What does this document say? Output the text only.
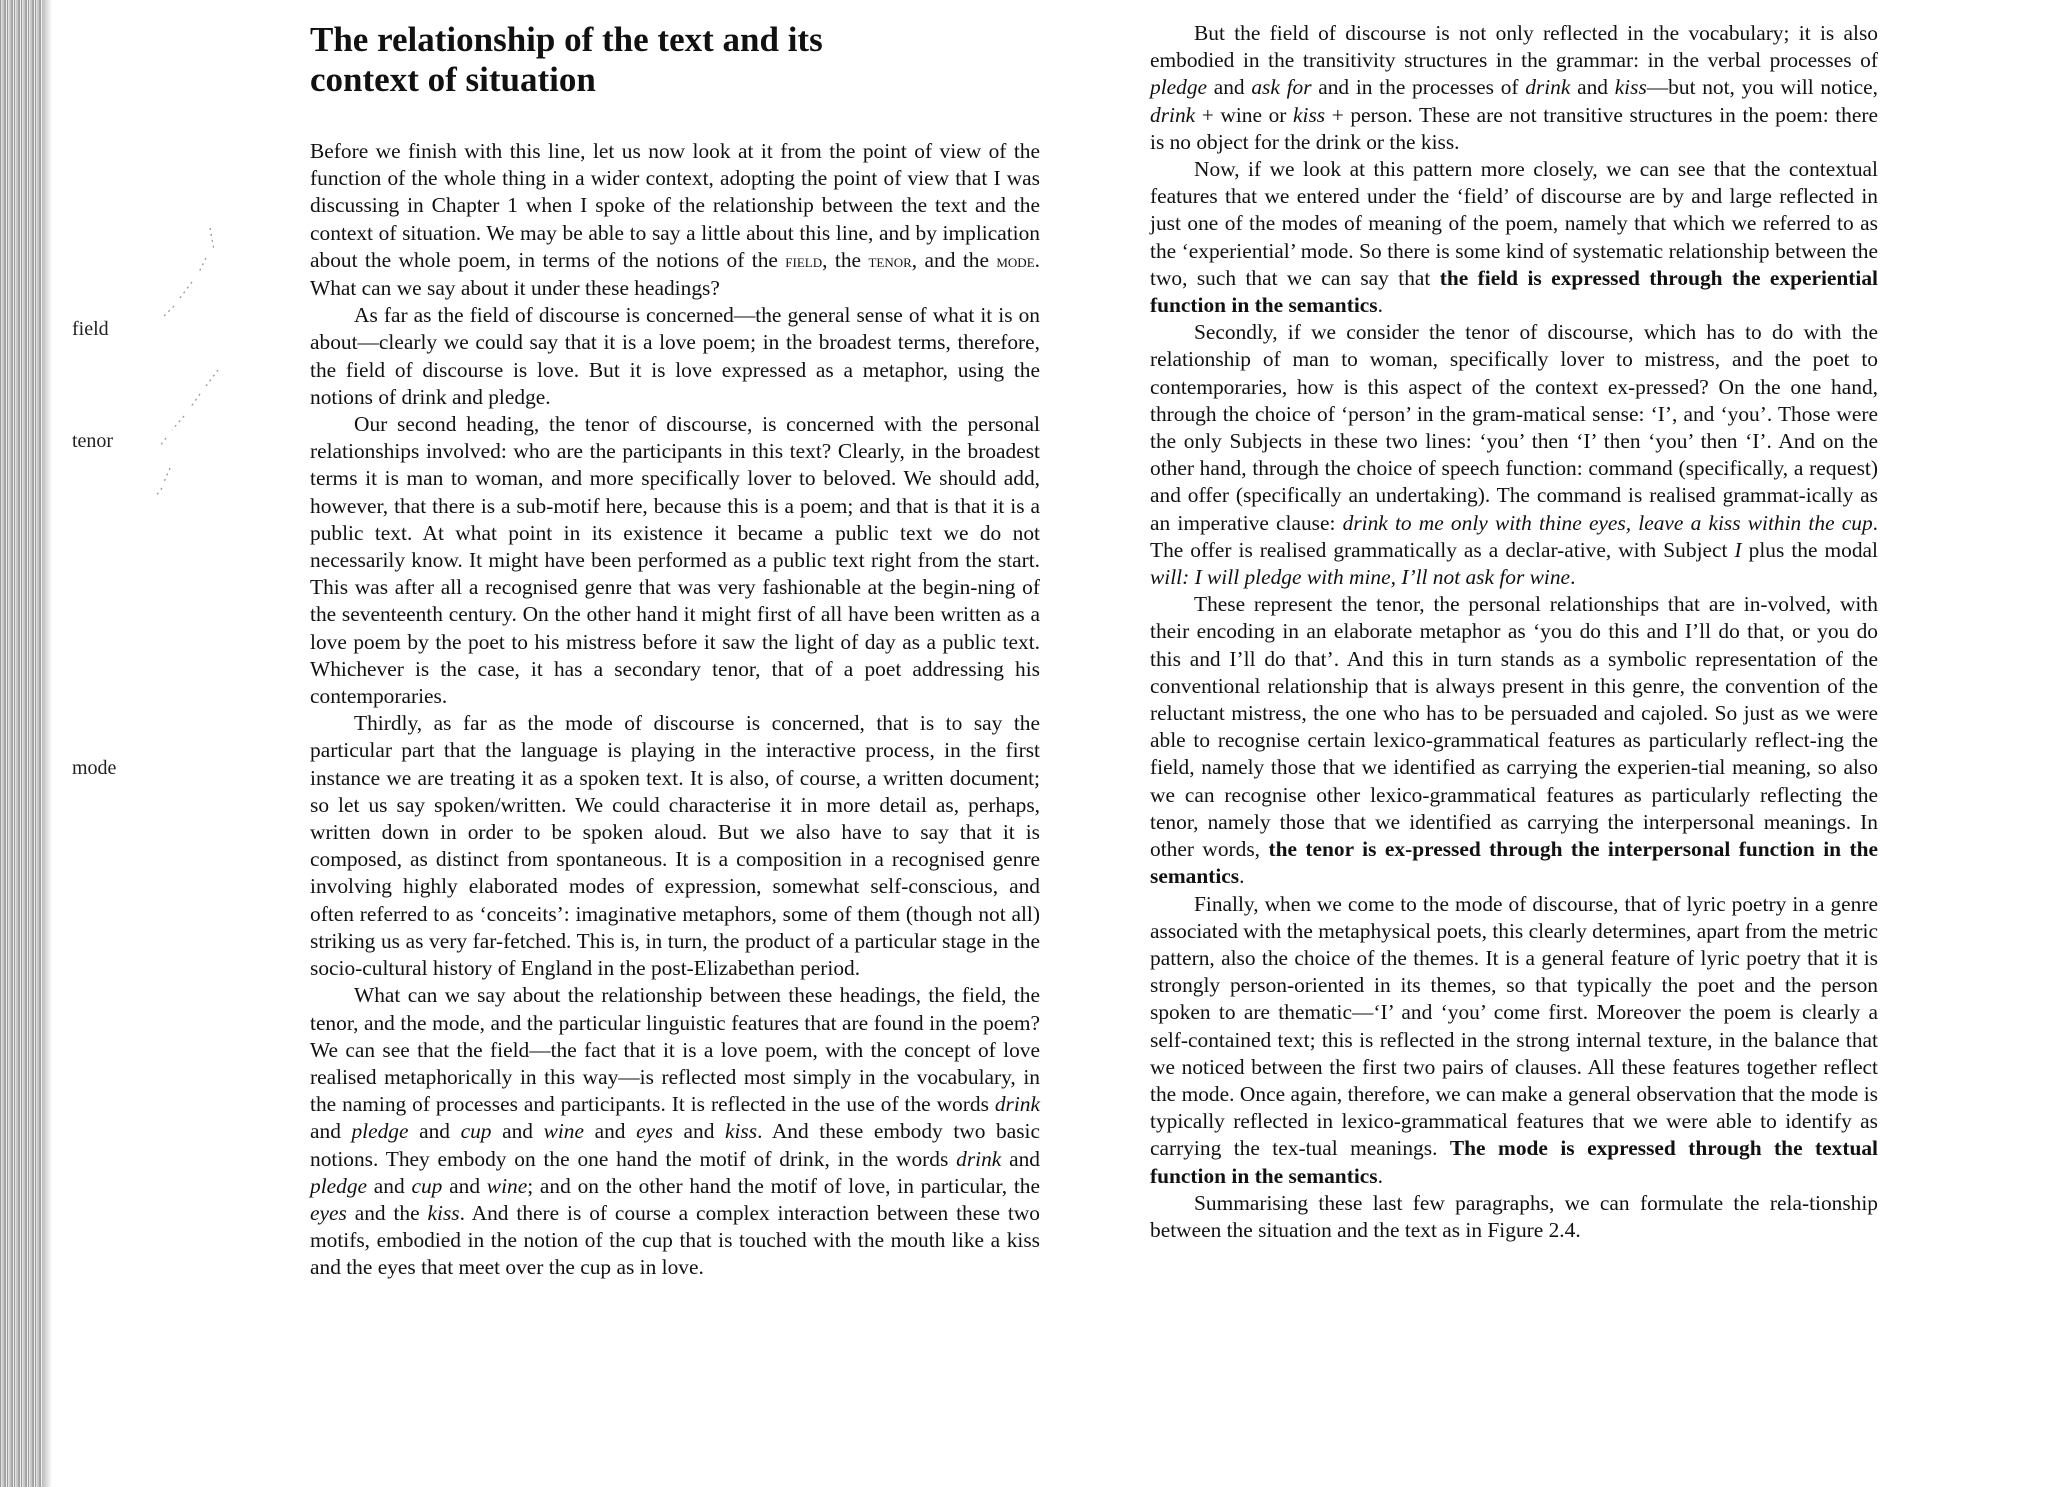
field
tenor
mode
The relationship of the text and its
context of situation

Before we finish with this line, let us now look at it from the point of view of the function of the whole thing in a wider context, adopting the point of view that I was discussing in Chapter 1 when I spoke of the relationship between the text and the context of situation. We may be able to say a little about this line, and by implication about the whole poem, in terms of the notions of the field, the tenor, and the mode. What can we say about it under these headings?

As far as the field of discourse is concerned—the general sense of what it is on about—clearly we could say that it is a love poem; in the broadest terms, therefore, the field of discourse is love. But it is love expressed as a metaphor, using the notions of drink and pledge.

Our second heading, the tenor of discourse, is concerned with the personal relationships involved: who are the participants in this text? Clearly, in the broadest terms it is man to woman, and more specifically lover to beloved. We should add, however, that there is a sub-motif here, because this is a poem; and that is that it is a public text. At what point in its existence it became a public text we do not necessarily know. It might have been performed as a public text right from the start. This was after all a recognised genre that was very fashionable at the begin-ning of the seventeenth century. On the other hand it might first of all have been written as a love poem by the poet to his mistress before it saw the light of day as a public text. Whichever is the case, it has a secondary tenor, that of a poet addressing his contemporaries.

Thirdly, as far as the mode of discourse is concerned, that is to say the particular part that the language is playing in the interactive process, in the first instance we are treating it as a spoken text. It is also, of course, a written document; so let us say spoken/written. We could characterise it in more detail as, perhaps, written down in order to be spoken aloud. But we also have to say that it is composed, as distinct from spontaneous. It is a composition in a recognised genre involving highly elaborated modes of expression, somewhat self-conscious, and often referred to as ‘conceits’: imaginative metaphors, some of them (though not all) striking us as very far-fetched. This is, in turn, the product of a particular stage in the socio-cultural history of England in the post-Elizabethan period.

What can we say about the relationship between these headings, the field, the tenor, and the mode, and the particular linguistic features that are found in the poem? We can see that the field—the fact that it is a love poem, with the concept of love realised metaphorically in this way—is reflected most simply in the vocabulary, in the naming of processes and participants. It is reflected in the use of the words drink and pledge and cup and wine and eyes and kiss. And these embody two basic notions. They embody on the one hand the motif of drink, in the words drink and pledge and cup and wine; and on the other hand the motif of love, in particular, the eyes and the kiss. And there is of course a complex interaction between these two motifs, embodied in the notion of the cup that is touched with the mouth like a kiss and the eyes that meet over the cup as in love.

But the field of discourse is not only reflected in the vocabulary; it is also embodied in the transitivity structures in the grammar: in the verbal processes of pledge and ask for and in the processes of drink and kiss—but not, you will notice, drink + wine or kiss + person. These are not transitive structures in the poem: there is no object for the drink or the kiss.

Now, if we look at this pattern more closely, we can see that the contextual features that we entered under the ‘field’ of discourse are by and large reflected in just one of the modes of meaning of the poem, namely that which we referred to as the ‘experiential’ mode. So there is some kind of systematic relationship between the two, such that we can say that the field is expressed through the experiential function in the semantics.

Secondly, if we consider the tenor of discourse, which has to do with the relationship of man to woman, specifically lover to mistress, and the poet to contemporaries, how is this aspect of the context ex-pressed? On the one hand, through the choice of ‘person’ in the gram-matical sense: ‘I’, and ‘you’. Those were the only Subjects in these two lines: ‘you’ then ‘I’ then ‘you’ then ‘I’. And on the other hand, through the choice of speech function: command (specifically, a request) and offer (specifically an undertaking). The command is realised grammat-ically as an imperative clause: drink to me only with thine eyes, leave a kiss within the cup. The offer is realised grammatically as a declar-ative, with Subject I plus the modal will: I will pledge with mine, I’ll not ask for wine.

These represent the tenor, the personal relationships that are in-volved, with their encoding in an elaborate metaphor as ‘you do this and I’ll do that, or you do this and I’ll do that’. And this in turn stands as a symbolic representation of the conventional relationship that is always present in this genre, the convention of the reluctant mistress, the one who has to be persuaded and cajoled. So just as we were able to recognise certain lexico-grammatical features as particularly reflect-ing the field, namely those that we identified as carrying the experien-tial meaning, so also we can recognise other lexico-grammatical features as particularly reflecting the tenor, namely those that we identified as carrying the interpersonal meanings. In other words, the tenor is ex-pressed through the interpersonal function in the semantics.

Finally, when we come to the mode of discourse, that of lyric poetry in a genre associated with the metaphysical poets, this clearly determines, apart from the metric pattern, also the choice of the themes. It is a general feature of lyric poetry that it is strongly person-oriented in its themes, so that typically the poet and the person spoken to are thematic—‘I’ and ‘you’ come first. Moreover the poem is clearly a self-contained text; this is reflected in the strong internal texture, in the balance that we noticed between the first two pairs of clauses. All these features together reflect the mode. Once again, therefore, we can make a general observation that the mode is typically reflected in lexico-grammatical features that we were able to identify as carrying the tex-tual meanings. The mode is expressed through the textual function in the semantics.

Summarising these last few paragraphs, we can formulate the rela-tionship between the situation and the text as in Figure 2.4.
